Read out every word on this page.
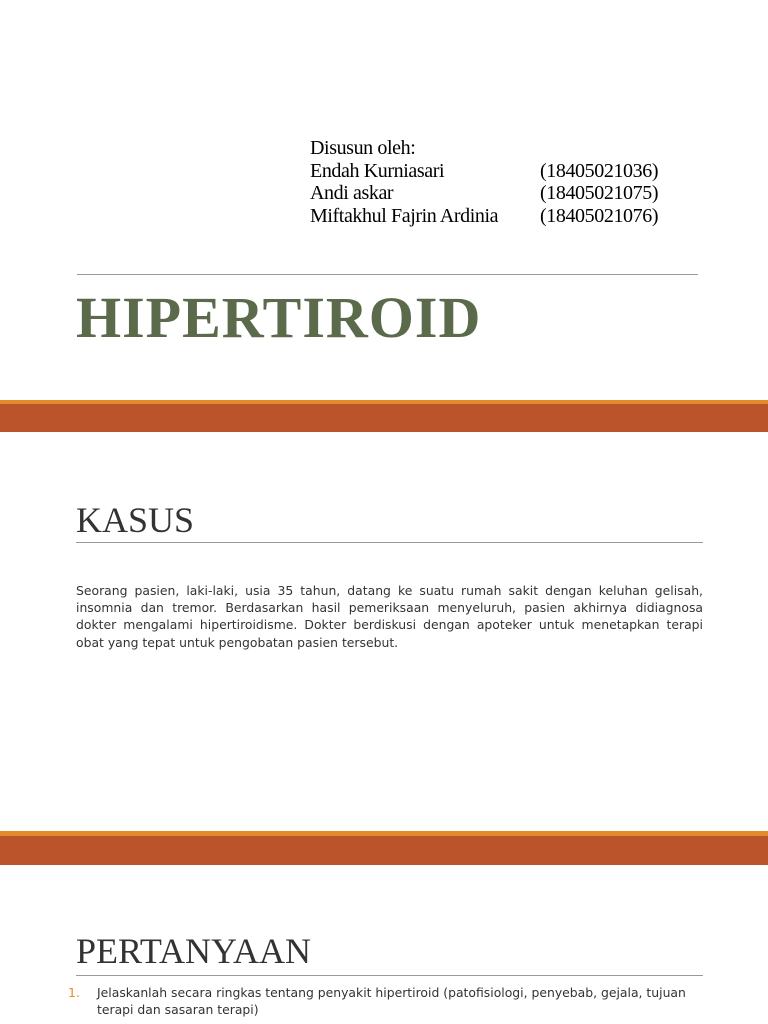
Disusun oleh:
Endah Kurniasari	(18405021036)
Andi askar	(18405021075)
Miftakhul Fajrin Ardinia (18405021076)
HIPERTIROID
KASUS
Seorang pasien, laki-laki, usia 35 tahun, datang ke suatu rumah sakit dengan keluhan gelisah, insomnia dan tremor. Berdasarkan hasil pemeriksaan menyeluruh, pasien akhirnya didiagnosa dokter mengalami hipertiroidisme. Dokter berdiskusi dengan apoteker untuk menetapkan terapi obat yang tepat untuk pengobatan pasien tersebut.
PERTANYAAN
1. Jelaskanlah secara ringkas tentang penyakit hipertiroid (patofisiologi, penyebab, gejala, tujuan terapi dan sasaran terapi)
